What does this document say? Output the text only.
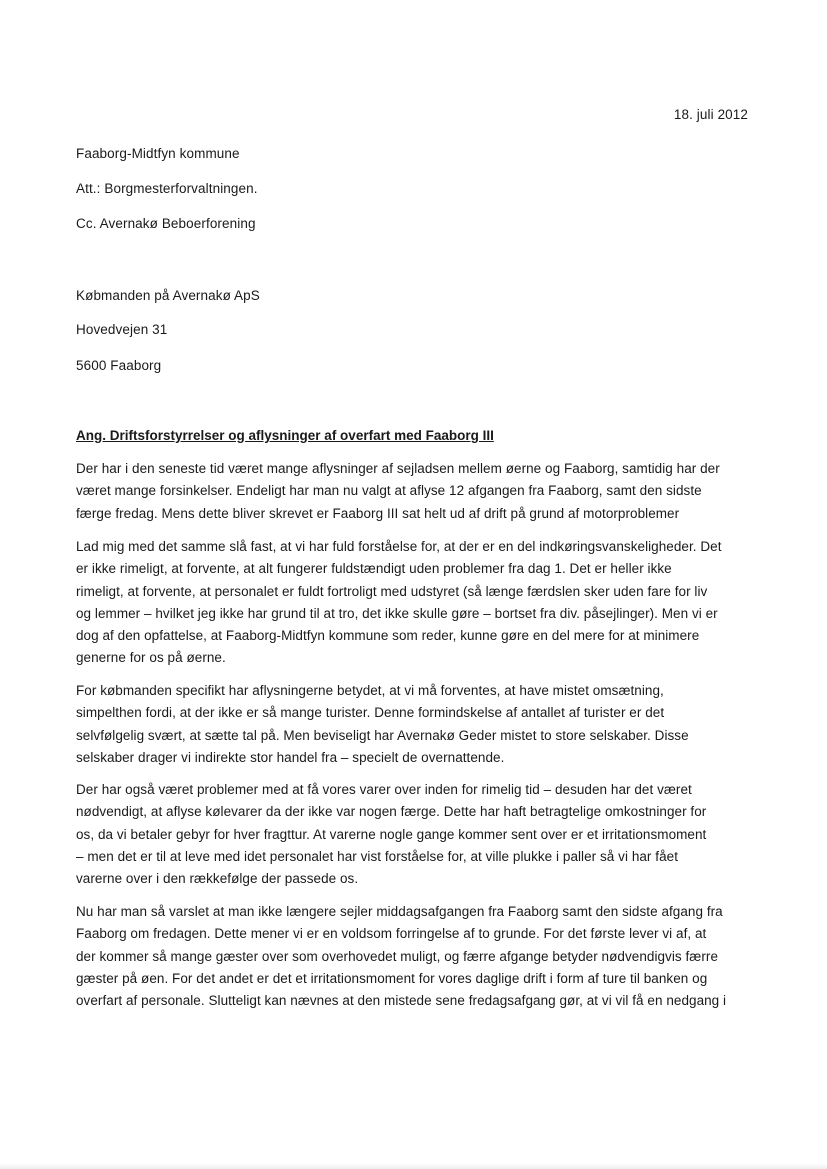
18. juli 2012
Faaborg-Midtfyn kommune
Att.: Borgmesterforvaltningen.
Cc. Avernakø Beboerforening
Købmanden på Avernakø ApS
Hovedvejen 31
5600 Faaborg
Ang. Driftsforstyrrelser og aflysninger af overfart med Faaborg III
Der har i den seneste tid været mange aflysninger af sejladsen mellem øerne og Faaborg, samtidig har der
været mange forsinkelser. Endeligt har man nu valgt at aflyse 12 afgangen fra Faaborg, samt den sidste
færge fredag. Mens dette bliver skrevet er Faaborg III sat helt ud af drift på grund af motorproblemer
Lad mig med det samme slå fast, at vi har fuld forståelse for, at der er en del indkøringsvanskeligheder. Det
er ikke rimeligt, at forvente, at alt fungerer fuldstændigt uden problemer fra dag 1. Det er heller ikke
rimeligt, at forvente, at personalet er fuldt fortroligt med udstyret (så længe færdslen sker uden fare for liv
og lemmer – hvilket jeg ikke har grund til at tro, det ikke skulle gøre – bortset fra div. påsejlinger). Men vi er
dog af den opfattelse, at Faaborg-Midtfyn kommune som reder, kunne gøre en del mere for at minimere
generne for os på øerne.
For købmanden specifikt har aflysningerne betydet, at vi må forventes, at have mistet omsætning,
simpelthen fordi, at der ikke er så mange turister. Denne formindskelse af antallet af turister er det
selvfølgelig svært, at sætte tal på. Men beviseligt har Avernakø Geder mistet to store selskaber. Disse
selskaber drager vi indirekte stor handel fra – specielt de overnattende.
Der har også været problemer med at få vores varer over inden for rimelig tid – desuden har det været
nødvendigt, at aflyse kølevarer da der ikke var nogen færge. Dette har haft betragtelige omkostninger for
os, da vi betaler gebyr for hver fragttur. At varerne nogle gange kommer sent over er et irritationsmoment
– men det er til at leve med idet personalet har vist forståelse for, at ville plukke i paller så vi har fået
varerne over i den rækkefølge der passede os.
Nu har man så varslet at man ikke længere sejler middagsafgangen fra Faaborg samt den sidste afgang fra
Faaborg om fredagen. Dette mener vi er en voldsom forringelse af to grunde. For det første lever vi af, at
der kommer så mange gæster over som overhovedet muligt, og færre afgange betyder nødvendigvis færre
gæster på øen. For det andet er det et irritationsmoment for vores daglige drift i form af ture til banken og
overfart af personale. Slutteligt kan nævnes at den mistede sene fredagsafgang gør, at vi vil få en nedgang i
